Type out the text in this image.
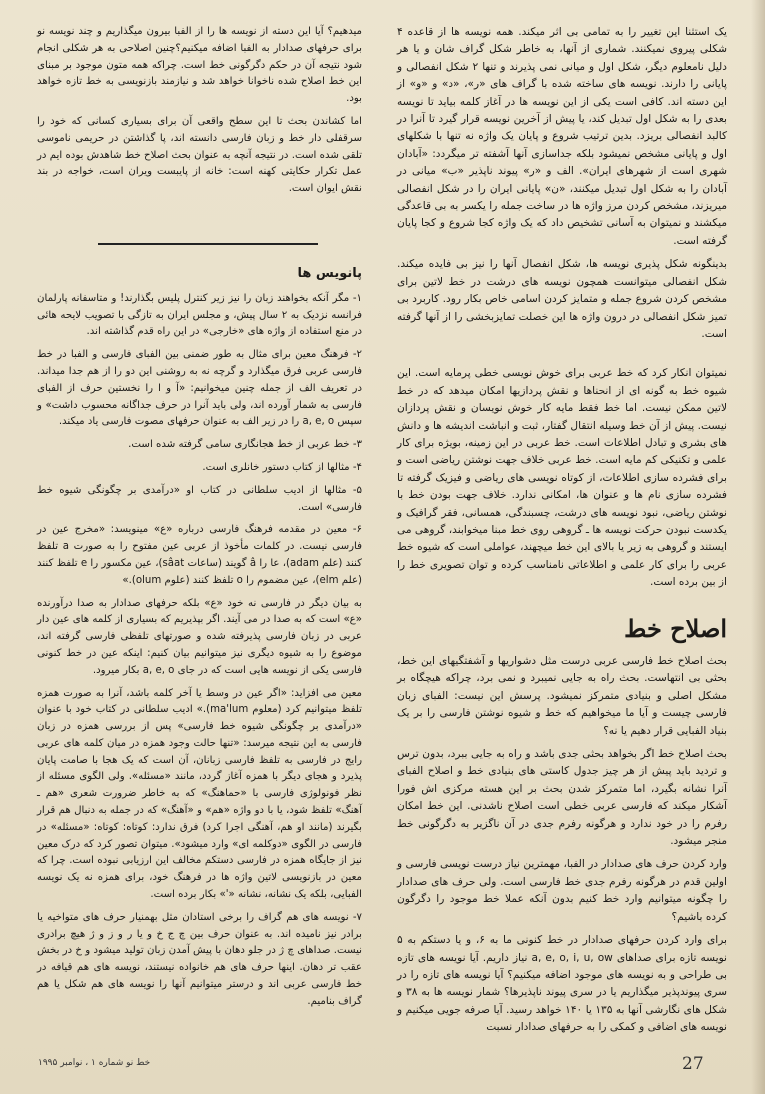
یک استثنا این تغییر را به تمامی بی اثر میکند. همه نویسه ها از قاعده ۴ شکلی پیروی نمیکنند. شماری از آنها، به خاطر شکل گراف شان و یا هر دلیل نامعلوم دیگر، شکل اول و میانی نمی پذیرند و تنها ۲ شکل انفصالی و پایانی را دارند. نویسه های ساخته شده با گراف های «ر»، «د» و «و» از این دسته اند. کافی است یکی از این نویسه ها در آغاز کلمه بیاید تا نویسه بعدی را به شکل اول تبدیل کند، یا پیش از آخرین نویسه قرار گیرد تا آنرا در کالبد انفصالی بریزد. بدین ترتیب شروع و پایان یک واژه نه تنها با شکلهای اول و پایانی مشخص نمیشود بلکه جداسازی آنها آشفته تر میگردد: «آبادان شهری است از شهرهای ایران». الف و «ر» پیوند ناپذیر «ب» میانی در آبادان را به شکل اول تبدیل میکنند، «ن» پایانی ایران را در شکل انفصالی میریزند، مشخص کردن مرز واژه ها در ساخت جمله را یکسر به بی قاعدگی میکشند و نمیتوان به آسانی تشخیص داد که یک واژه کجا شروع و کجا پایان گرفته است.

بدینگونه شکل پذیری نویسه ها، شکل انفصال آنها را نیز بی فایده میکند. شکل انفصالی میتوانست همچون نویسه های درشت در خط لاتین برای مشخص کردن شروع جمله و متمایز کردن اسامی خاص بکار رود. کاربرد بی تمیز شکل انفصالی در درون واژه ها این خصلت تمایزبخشی را از آنها گرفته است.

نمیتوان انکار کرد که خط عربی برای خوش نویسی خطی پرمایه است. این شیوه خط به گونه ای از انحناها و نقش پردازیها امکان میدهد که در خط لاتین ممکن نیست. اما خط فقط مایه کار خوش نویسان و نقش پردازان نیست. پیش از آن خط وسیله انتقال گفتار، ثبت و انباشت اندیشه ها و دانش های بشری و تبادل اطلاعات است. خط عربی در این زمینه، بویژه برای کار علمی و تکنیکی کم مایه است. خط عربی خلاف جهت نوشتن ریاضی است و برای فشرده سازی اطلاعات، از کوتاه نویسی های ریاضی و فیزیک گرفته تا فشرده سازی نام ها و عنوان ها، امکانی ندارد. خلاف جهت بودن خط با نوشتن ریاضی، نبود نویسه های درشت، چسبندگی، همسانی، فقر گرافیک و یکدست نبودن حرکت نویسه ها ـ گروهی روی خط مبنا میخوابند، گروهی می ایستند و گروهی به زیر یا بالای این خط میچهند، عواملی است که شیوه خط عربی را برای کار علمی و اطلاعاتی نامناسب کرده و توان تصویری خط را از بین برده است.

اصلاح خط

بحث اصلاح خط فارسی عربی درست مثل دشواریها و آشفتگیهای این خط، بحثی بی انتهاست. بحث راه به جایی نمیبرد و نمی برد، چراکه هیچگاه بر مشکل اصلی و بنیادی متمرکز نمیشود. پرسش این نیست: الفبای زبان فارسی چیست و آیا ما میخواهیم که خط و شیوه نوشتن فارسی را بر یک بنیاد الفبایی قرار دهیم یا نه؟

بحث اصلاح خط اگر بخواهد بحثی جدی باشد و راه به جایی ببرد، بدون ترس و تردید باید پیش از هر چیز جدول کاستی های بنیادی خط و اصلاح الفبای آنرا نشانه بگیرد، اما متمرکز شدن بحث بر این هسته مرکزی اش فورا آشکار میکند که فارسی عربی خطی است اصلاح ناشدنی. این خط امکان رفرم را در خود ندارد و هرگونه رفرم جدی در آن ناگزیر به دگرگونی خط منجر میشود.

وارد کردن حرف های صدادار در الفبا، مهمترین نیاز درست نویسی فارسی و اولین قدم در هرگونه رفرم جدی خط فارسی است. ولی حرف های صدادار را چگونه میتوانیم وارد خط کنیم بدون آنکه عملا خط موجود را دگرگون کرده باشیم؟

برای وارد کردن حرفهای صدادار در خط کنونی ما به ۶، و یا دستکم به ۵ نویسه تازه برای صداهای a, e, o, i, u, ow نیاز داریم. آیا نویسه های تازه بی طراحی و به نویسه های موجود اضافه میکنیم؟ آیا نویسه های تازه را در سری پیوندپذیر میگذاریم یا در سری پیوند ناپذیرها؟ شمار نویسه ها به ۳۸ و شکل های نگارشی آنها به ۱۳۵ یا ۱۴۰ خواهد رسید. آیا صرفه جویی میکنیم و نویسه های اضافی و کمکی را به حرفهای صدادار نسبت

میدهیم؟ آیا این دسته از نویسه ها را از الفبا بیرون میگذاریم و چند نویسه نو برای حرفهای صدادار به الفبا اضافه میکنیم؟چنین اصلاحی به هر شکلی انجام شود نتیجه آن در حکم دگرگونی خط است. چراکه همه متون موجود بر مبنای این خط اصلاح شده ناخوانا خواهد شد و نیازمند بازنویسی به خط تازه خواهد بود.

اما کشاندن بحث تا این سطح واقعی آن برای بسیاری کسانی که خود را سرقفلی دار خط و زبان فارسی دانسته اند، پا گذاشتن در حریمی ناموسی تلقی شده است. در نتیجه آنچه به عنوان بحث اصلاح خط شاهدش بوده ایم در عمل تکرار حکایتی کهنه است: خانه از پایبست ویران است، خواجه در بند نقش ایوان است.

پانویس ها

۱- مگر آنکه بخواهند زبان را نیز زیر کنترل پلیس بگذارند! و متاسفانه پارلمان فرانسه نزدیک به ۲ سال پیش، و مجلس ایران به تازگی با تصویب لایحه هائی در منع استفاده از واژه های «خارجی» در این راه قدم گذاشته اند.

۲- فرهنگ معین برای مثال به طور ضمنی بین الفبای فارسی و الفبا در خط فارسی عربی فرق میگذارد و گرچه نه به روشنی این دو را از هم جدا میداند. در تعریف الف از جمله چنین میخوانیم: «آ و ا را نخستین حرف از الفبای فارسی به شمار آورده اند، ولی باید آنرا در حرف جداگانه محسوب داشت» و سپس a, e, o را در زیر الف به عنوان حرفهای مصوت فارسی یاد میکند.

۳- خط عربی از خط هجانگاری سامی گرفته شده است.

۴- مثالها از کتاب دستور خانلری است.

۵- مثالها از ادیب سلطانی در کتاب او «درآمدی بر چگونگی شیوه خط فارسی» است.

۶- معین در مقدمه فرهنگ فارسی درباره «ع» مینویسد: «مخرج عین در فارسی نیست. در کلمات مأخوذ از عربی عین مفتوح را به صورت a تلفظ کنند (علم adam)، عا را â گویند (ساعات sâat)، عین مکسور را e تلفظ کنند (علم elm)، عین مضموم را o تلفظ کنند (علوم olum).»

به بیان دیگر در فارسی نه خود «ع» بلکه حرفهای صدادار به صدا درآورنده «ع» است که به صدا در می آیند. اگر بپذیریم که بسیاری از کلمه های عین دار عربی در زبان فارسی پذیرفته شده و صورتهای تلفظی فارسی گرفته اند، موضوع را به شیوه دیگری نیز میتوانیم بیان کنیم: اینکه عین در خط کنونی فارسی یکی از نویسه هایی است که در جای a, e, o بکار میرود.

معین می افزاید: «اگر عین در وسط یا آخر کلمه باشد، آنرا به صورت همزه تلفظ میتوانیم کرد (معلوم ma'lum).» ادیب سلطانی در کتاب خود با عنوان «درآمدی بر چگونگی شیوه خط فارسی» پس از بررسی همزه در زبان فارسی به این نتیجه میرسد: «تنها حالت وجود همزه در میان کلمه های عربی رایج در فارسی به تلفظ فارسی زبانان، آن است که یک هجا با صامت پایان پذیرد و هجای دیگر با همزه آغاز گردد، مانند «مسئله». ولی الگوی مسئله از نظر فونولوژی فارسی با «حماهنگ» که به خاطر ضرورت شعری «هم ـ آهنگ» تلفظ شود، یا با دو واژه «هم» و «آهنگ» که در جمله به دنبال هم قرار بگیرند (مانند او هم، آهنگی اجرا کرد) فرق ندارد: کوتاه: کوتاه: «مسئله» در فارسی در الگوی «دوکلمه ای» وارد میشود». میتوان تصور کرد که درک معین نیز از جایگاه همزه در فارسی دستکم مخالف این ارزیابی نبوده است. چرا که معین در بازنویسی لاتین واژه ها در فرهنگ خود، برای همزه نه یک نویسه الفبایی، بلکه یک نشانه، نشانه «'» بکار برده است.

۷- نویسه های هم گراف را برخی استادان مثل بهمنیار حرف های متواخیه یا برادر نیز نامیده اند. به عنوان حرف بین چ ج خ و یا ر و ز و ژ هیچ برادری نیست. صداهای چ ژ در جلو دهان با پیش آمدن زبان تولید میشود و خ در بخش عقب تر دهان. اینها حرف های هم خانواده نیستند، نویسه های هم قیافه در خط فارسی عربی اند و درستر میتوانیم آنها را نویسه های هم شکل یا هم گراف بنامیم.

27
خط نو شماره ۱ ، نوامبر ۱۹۹۵
